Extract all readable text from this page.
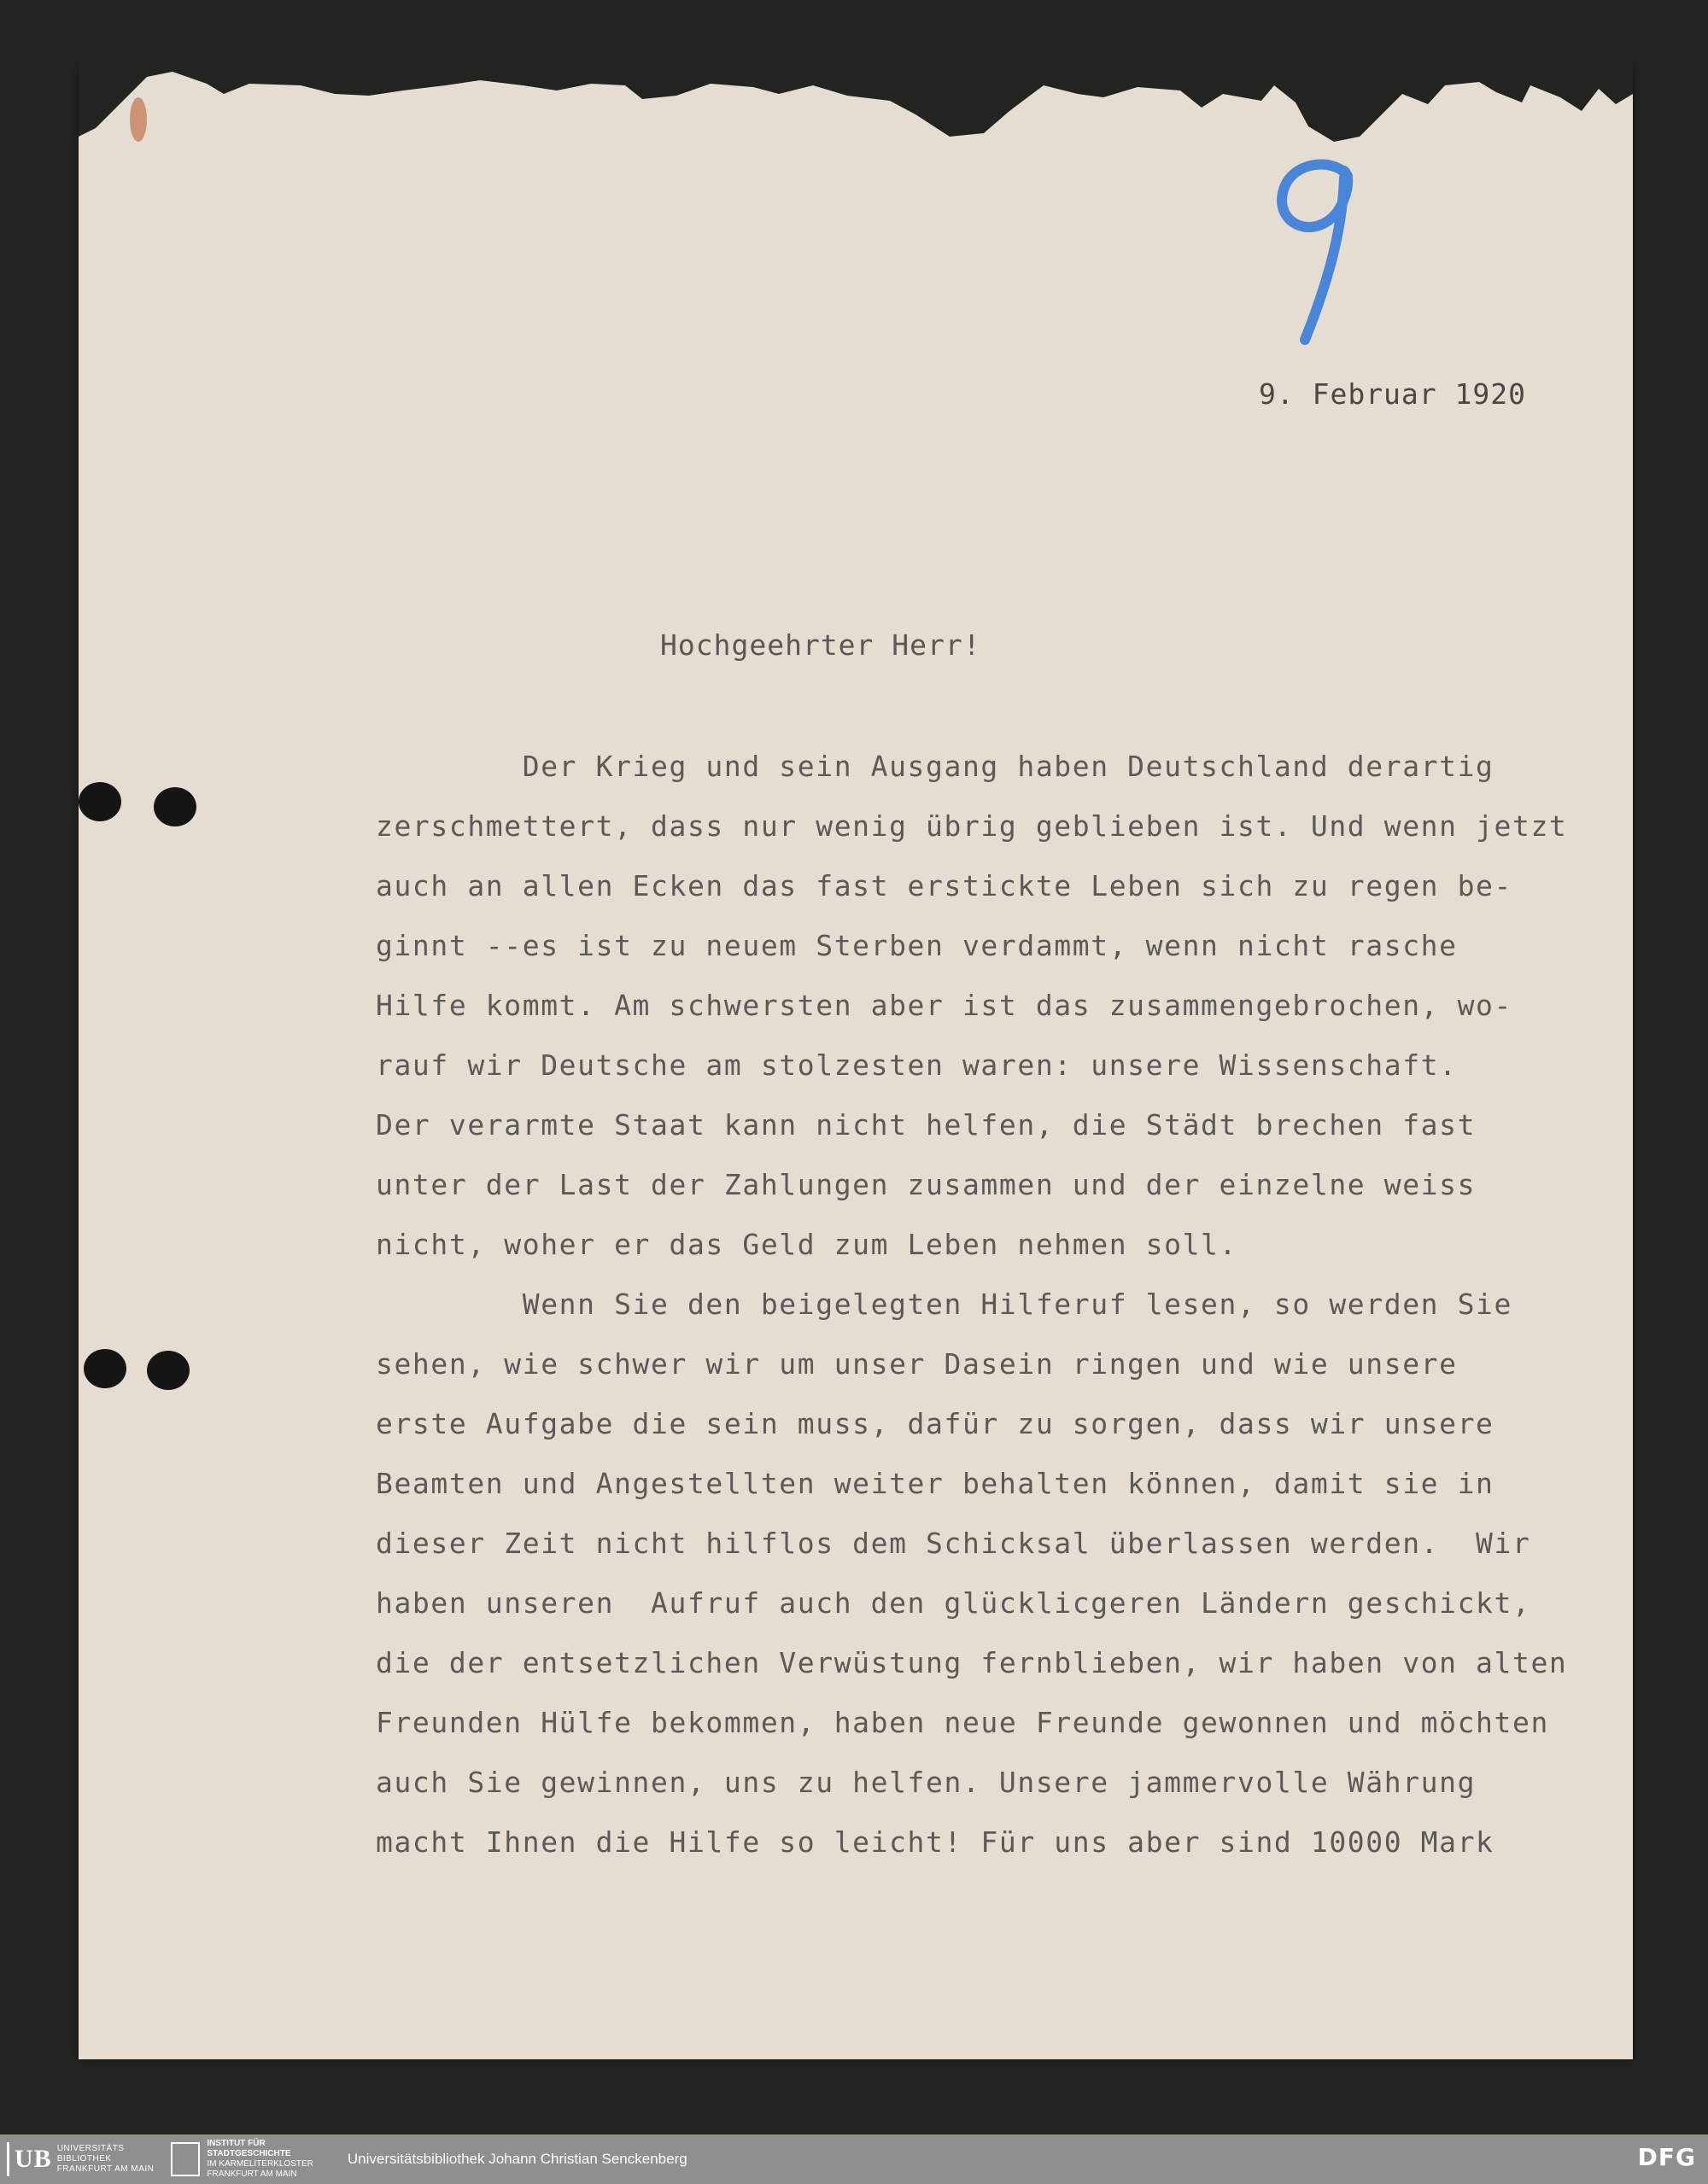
9. Februar 1920
Hochgeehrter Herr!
Der Krieg und sein Ausgang haben Deutschland derartig
zerschmettert, dass nur wenig übrig geblieben ist. Und wenn jetzt
auch an allen Ecken das fast erstickte Leben sich zu regen be-
ginnt --es ist zu neuem Sterben verdammt, wenn nicht rasche
Hilfe kommt. Am schwersten aber ist das zusammengebrochen, wo-
rauf wir Deutsche am stolzesten waren: unsere Wissenschaft.
Der verarmte Staat kann nicht helfen, die Städt brechen fast
unter der Last der Zahlungen zusammen und der einzelne weiss
nicht, woher er das Geld zum Leben nehmen soll.
Wenn Sie den beigelegten Hilferuf lesen, so werden Sie
sehen, wie schwer wir um unser Dasein ringen und wie unsere
erste Aufgabe die sein muss, dafür zu sorgen, dass wir unsere
Beamten und Angestellten weiter behalten können, damit sie in
dieser Zeit nicht hilflos dem Schicksal überlassen werden.  Wir
haben unseren  Aufruf auch den glücklicgeren Ländern geschickt,
die der entsetzlichen Verwüstung fernblieben, wir haben von alten
Freunden Hülfe bekommen, haben neue Freunde gewonnen und möchten
auch Sie gewinnen, uns zu helfen. Unsere jammervolle Währung
macht Ihnen die Hilfe so leicht! Für uns aber sind 10000 Mark
UB UNIVERSITÄTS
BIBLIOTHEK
FRANKFURT AM MAIN
INSTITUT FÜR
STADTGESCHICHTE
IM KARMELITERKLOSTER
FRANKFURT AM MAIN
Universitätsbibliothek Johann Christian Senckenberg	DFG
